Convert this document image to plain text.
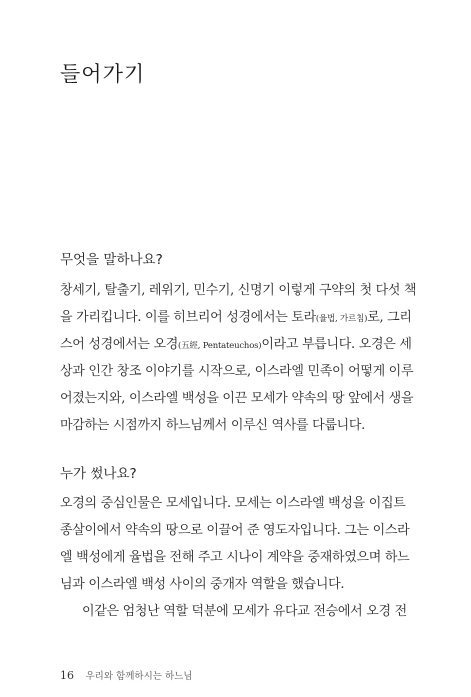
들어가기
무엇을 말하나요?
창세기, 탈출기, 레위기, 민수기, 신명기 이렇게 구약의 첫 다섯 책
을 가리킵니다. 이를 히브리어 성경에서는 토라(율법, 가르침)로, 그리
스어 성경에서는 오경(五經, Pentateuchos)이라고 부릅니다. 오경은 세
상과 인간 창조 이야기를 시작으로, 이스라엘 민족이 어떻게 이루
어졌는지와, 이스라엘 백성을 이끈 모세가 약속의 땅 앞에서 생을
마감하는 시점까지 하느님께서 이루신 역사를 다룹니다.
누가 썼나요?
오경의 중심인물은 모세입니다. 모세는 이스라엘 백성을 이집트
종살이에서 약속의 땅으로 이끌어 준 영도자입니다. 그는 이스라
엘 백성에게 율법을 전해 주고 시나이 계약을 중재하였으며 하느
님과 이스라엘 백성 사이의 중개자 역할을 했습니다.
이같은 엄청난 역할 덕분에 모세가 유다교 전승에서 오경 전
16 우리와 함께하시는 하느님
